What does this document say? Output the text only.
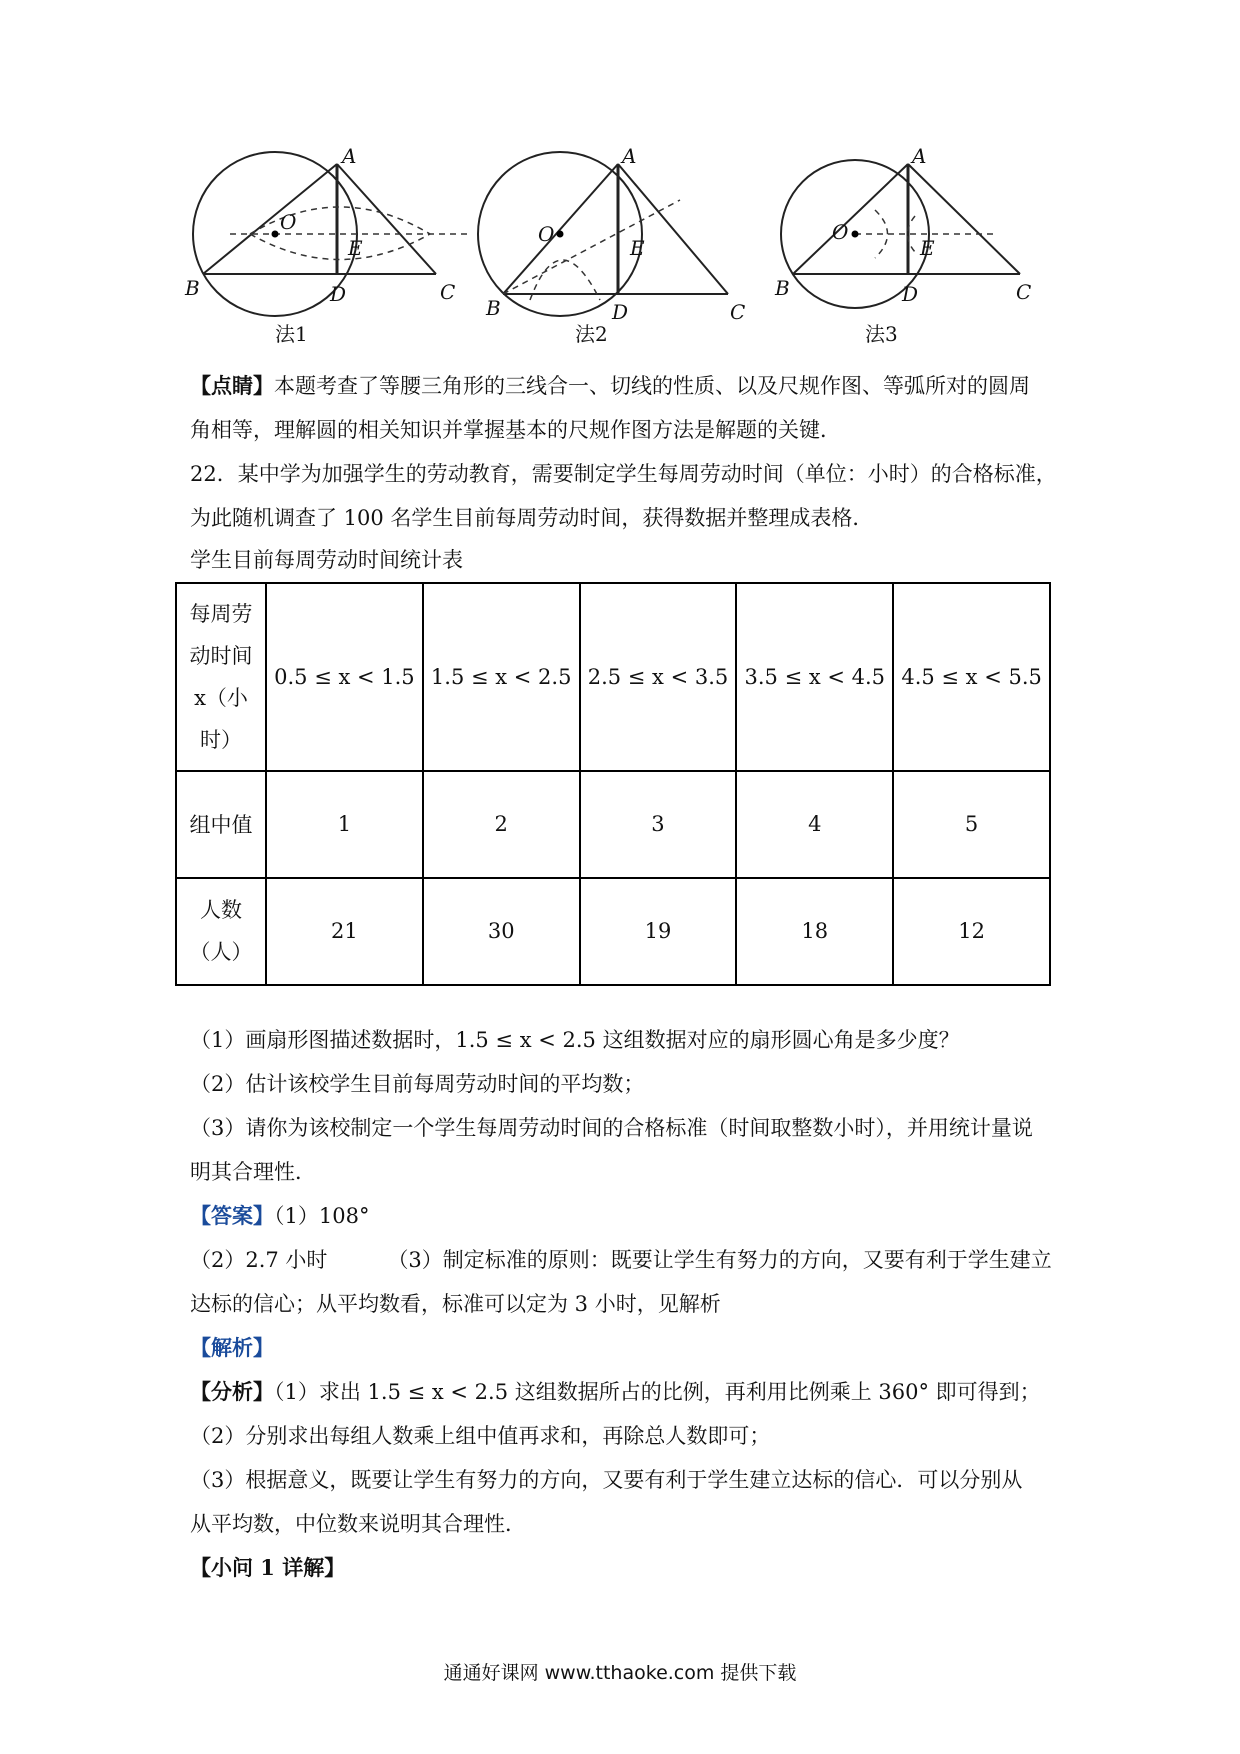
B
A
O
E
D	C
法1
B
A
O
E
D	C
法2
B
A
O
E
D	C
法3
【点睛】本题考查了等腰三角形的三线合一、切线的性质、以及尺规作图、等弧所对的圆周
角相等，理解圆的相关知识并掌握基本的尺规作图方法是解题的关键．
22．某中学为加强学生的劳动教育，需要制定学生每周劳动时间（单位：小时）的合格标准，
为此随机调查了 100 名学生目前每周劳动时间，获得数据并整理成表格．
学生目前每周劳动时间统计表
每周劳
动时间
x（小
时）	0.5 ≤ x < 1.5	1.5 ≤ x < 2.5	2.5 ≤ x < 3.5	3.5 ≤ x < 4.5	4.5 ≤ x < 5.5
组中值	1	2	3	4	5

人数
（人）	21	30	19	18	12
（1）画扇形图描述数据时，1.5 ≤ x < 2.5 这组数据对应的扇形圆心角是多少度？
（2）估计该校学生目前每周劳动时间的平均数；
（3）请你为该校制定一个学生每周劳动时间的合格标准（时间取整数小时），并用统计量说
明其合理性．
【答案】（1）108°
（2）2.7 小时	（3）制定标准的原则：既要让学生有努力的方向，又要有利于学生建立
达标的信心；从平均数看，标准可以定为 3 小时，见解析
【解析】
【分析】（1）求出 1.5 ≤ x < 2.5 这组数据所占的比例，再利用比例乘上 360° 即可得到；
（2）分别求出每组人数乘上组中值再求和，再除总人数即可；
（3）根据意义，既要让学生有努力的方向，又要有利于学生建立达标的信心．可以分别从
从平均数，中位数来说明其合理性．
【小问 1 详解】
通通好课网 www.tthaoke.com 提供下载
